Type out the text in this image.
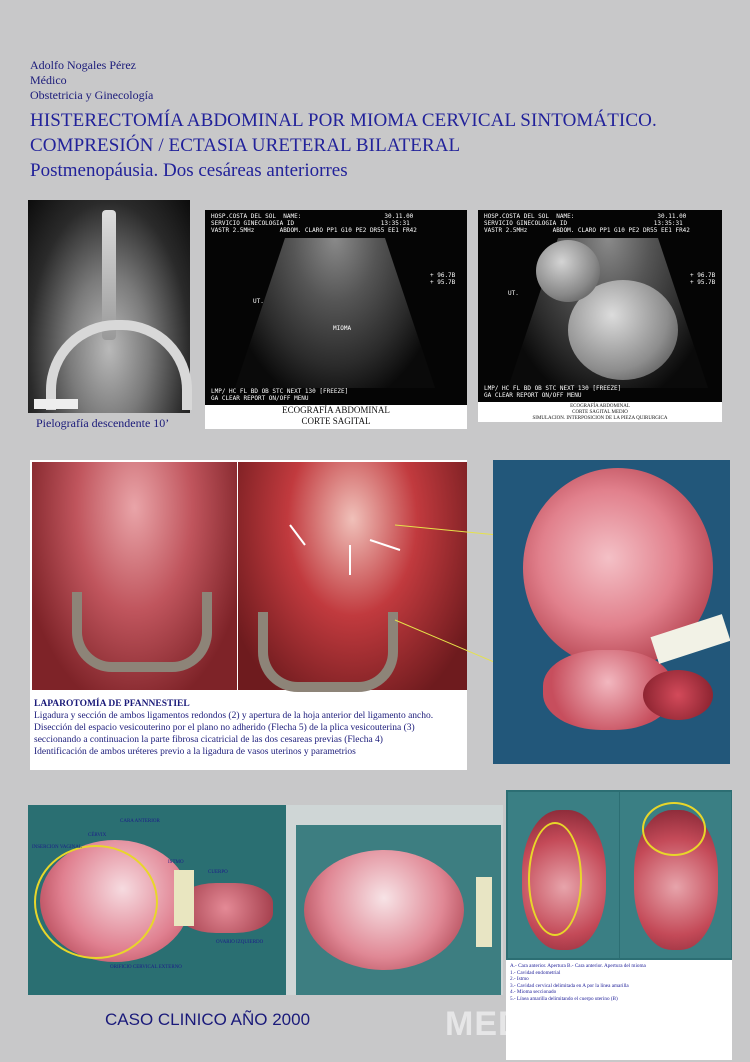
Adolfo Nogales Pérez
Médico
Obstetricia y Ginecología
HISTERECTOMÍA ABDOMINAL POR MIOMA CERVICAL SINTOMÁTICO.
COMPRESIÓN / ECTASIA URETERAL BILATERAL
Postmenopáusia. Dos cesáreas anteriorres
Pielografía descendente 10’
HOSP.COSTA DEL SOL  NAME:                       30.11.00
SERVICIO GINECOLOGIA ID                        13:35:31
VASTR 2.5MHz       ABDOM. CLARO PP1 G10 PE2 DR55 EE1 FR42
UT.
MIOMA
+ 96.7B
+ 95.7B
LMP/ HC FL BD OB STC NEXT 130 [FREEZE]
GA CLEAR REPORT ON/OFF MENU
ECOGRAFÍA ABDOMINAL
CORTE SAGITAL
HOSP.COSTA DEL SOL  NAME:                       30.11.00
SERVICIO GINECOLOGIA ID                        13:35:31
VASTR 2.5MHz       ABDOM. CLARO PP1 G10 PE2 DR55 EE1 FR42
UT.
+ 96.7B
+ 95.7B
LMP/ HC FL BD OB STC NEXT 130 [FREEZE]
GA CLEAR REPORT ON/OFF MENU
ECOGRAFÍA ABDOMINAL
CORTE SAGITAL MEDIO
SIMULACION. INTERPOSICION DE LA PIEZA QUIRURGICA
LAPAROTOMÍA DE PFANNESTIEL
Ligadura y sección de ambos ligamentos redondos (2) y apertura de la hoja anterior del ligamento ancho.
Disección del espacio vesicouterino por el plano no adherido (Flecha 5) de la plica vesicouterina (3)
seccionando a continuacion la parte fibrosa cicatricial de las dos cesareas previas (Flecha 4)
Identificación de ambos uréteres previo a la ligadura de vasos uterinos y parametrios
CARA ANTERIOR
CÉRVIX
INSERCION VAGINAL
ISTMO
CUERPO
OVARIO IZQUIERDO
ORIFICIO CERVICAL EXTERNO	A.- Cara anterior. Apertura B.- Cara anterior. Apertura del mioma
1.- Cavidad endometrial
2.- Istmo
3.- Cavidad cervical delimitada en A por la línea amarilla
4.- Mioma seccionado
5.- Línea amarilla delimitando el cuerpo uterino (B)
CASO CLINICO AÑO 2000	MED
knowledge™
